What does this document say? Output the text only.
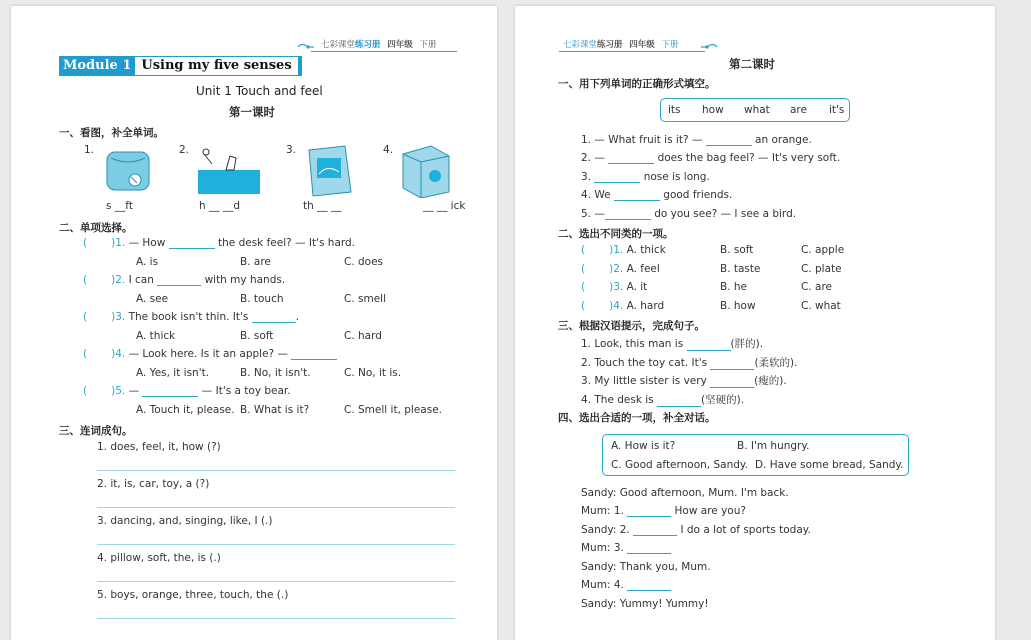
七彩课堂练习册 四年级 下册
Module 1 Using my five senses
Unit 1 Touch and feel
第一课时
一、看图，补全单词。
1.
s __ft
2.
h __ __d
3.
th __ __
4.
__ __ ick
二、单项选择。
( )1. — How	the desk feel? — It's hard.
A. is	B. are	C. does
( )2. I can	with my hands.
A. see	B. touch	C. smell
( )3. The book isn't thin. It's	.
A. thick	B. soft	C. hard
( )4. — Look here. Is it an apple? —
A. Yes, it isn't.	B. No, it isn't.	C. No, it is.
( )5. —	— It's a toy bear.
A. Touch it, please. B. What is it?	C. Smell it, please.
三、连词成句。
1. does, feel, it, how (?)
2. it, is, car, toy, a (?)
3. dancing, and, singing, like, I (.)
4. pillow, soft, the, is (.)
5. boys, orange, three, touch, the (.)
七彩课堂练习册 四年级 下册
第二课时
一、用下列单词的正确形式填空。
its how what are it's
1. — What fruit is it? —	an orange.
2. —	does the bag feel? — It's very soft.
3.	nose is long.
4. We	good friends.
5. —	do you see? — I see a bird.
二、选出不同类的一项。
( )1. A. thick	B. soft	C. apple
( )2. A. feel	B. taste	C. plate
( )3. A. it	B. he	C. are
( )4. A. hard	B. how	C. what
三、根据汉语提示，完成句子。
1. Look, this man is	(胖的).
2. Touch the toy cat. It's	(柔软的).
3. My little sister is very	(瘦的).
4. The desk is	(坚硬的).
四、选出合适的一项，补全对话。
A. How is it?	B. I'm hungry.
C. Good afternoon, Sandy. D. Have some bread, Sandy.
Sandy: Good afternoon, Mum. I'm back.
Mum: 1.	How are you?
Sandy: 2.	I do a lot of sports today.
Mum: 3.
Sandy: Thank you, Mum.
Mum: 4.
Sandy: Yummy! Yummy!
